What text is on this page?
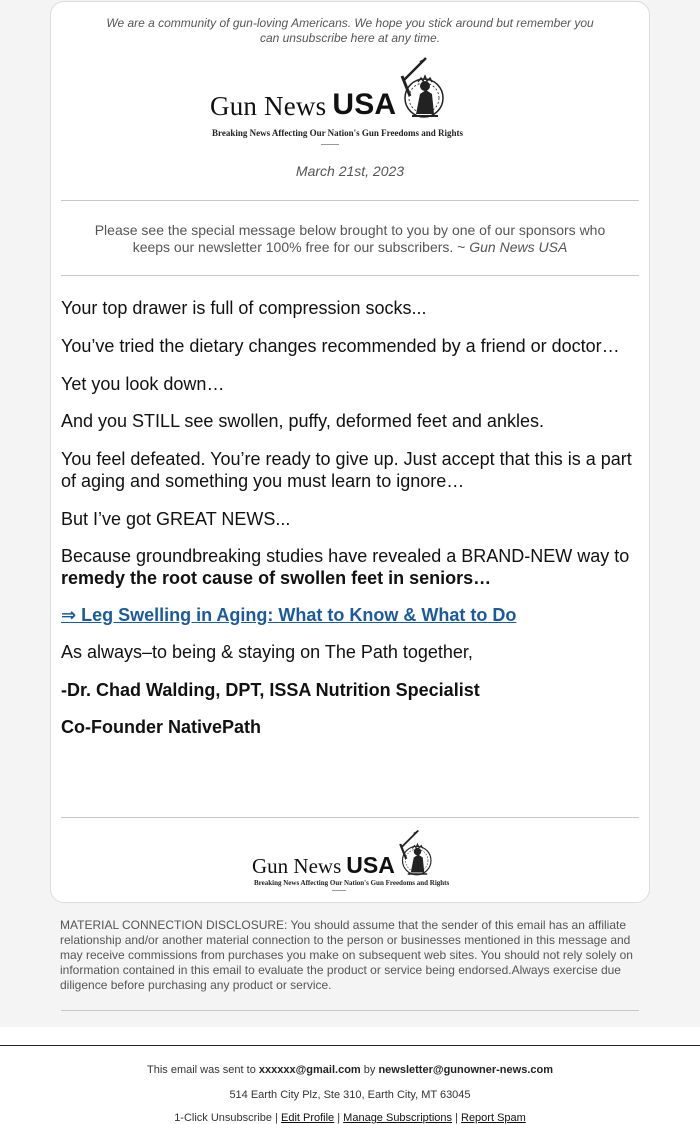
We are a community of gun-loving Americans. We hope you stick around but remember you can unsubscribe here at any time.
Gun News USA
Breaking News Affecting Our Nation's Gun Freedoms and Rights
March 21st, 2023
Please see the special message below brought to you by one of our sponsors who keeps our newsletter 100% free for our subscribers. ~ Gun News USA

Your top drawer is full of compression socks...

You’ve tried the dietary changes recommended by a friend or doctor…

Yet you look down…

And you STILL see swollen, puffy, deformed feet and ankles.

You feel defeated. You’re ready to give up. Just accept that this is a part of aging and something you must learn to ignore…

But I’ve got GREAT NEWS...

Because groundbreaking studies have revealed a BRAND-NEW way to remedy the root cause of swollen feet in seniors…

⇒ Leg Swelling in Aging: What to Know & What to Do

As always–to being & staying on The Path together,

-Dr. Chad Walding, DPT, ISSA Nutrition Specialist

Co-Founder NativePath

Gun News USA
Breaking News Affecting Our Nation's Gun Freedoms and Rights
MATERIAL CONNECTION DISCLOSURE: You should assume that the sender of this email has an affiliate relationship and/or another material connection to the person or businesses mentioned in this message and may receive commissions from purchases you make on subsequent web sites. You should not rely solely on information contained in this email to evaluate the product or service being endorsed.Always exercise due diligence before purchasing any product or service.
This email was sent to xxxxxx@gmail.com by newsletter@gunowner-news.com
514 Earth City Plz, Ste 310, Earth City, MT 63045
1-Click Unsubscribe | Edit Profile | Manage Subscriptions | Report Spam
